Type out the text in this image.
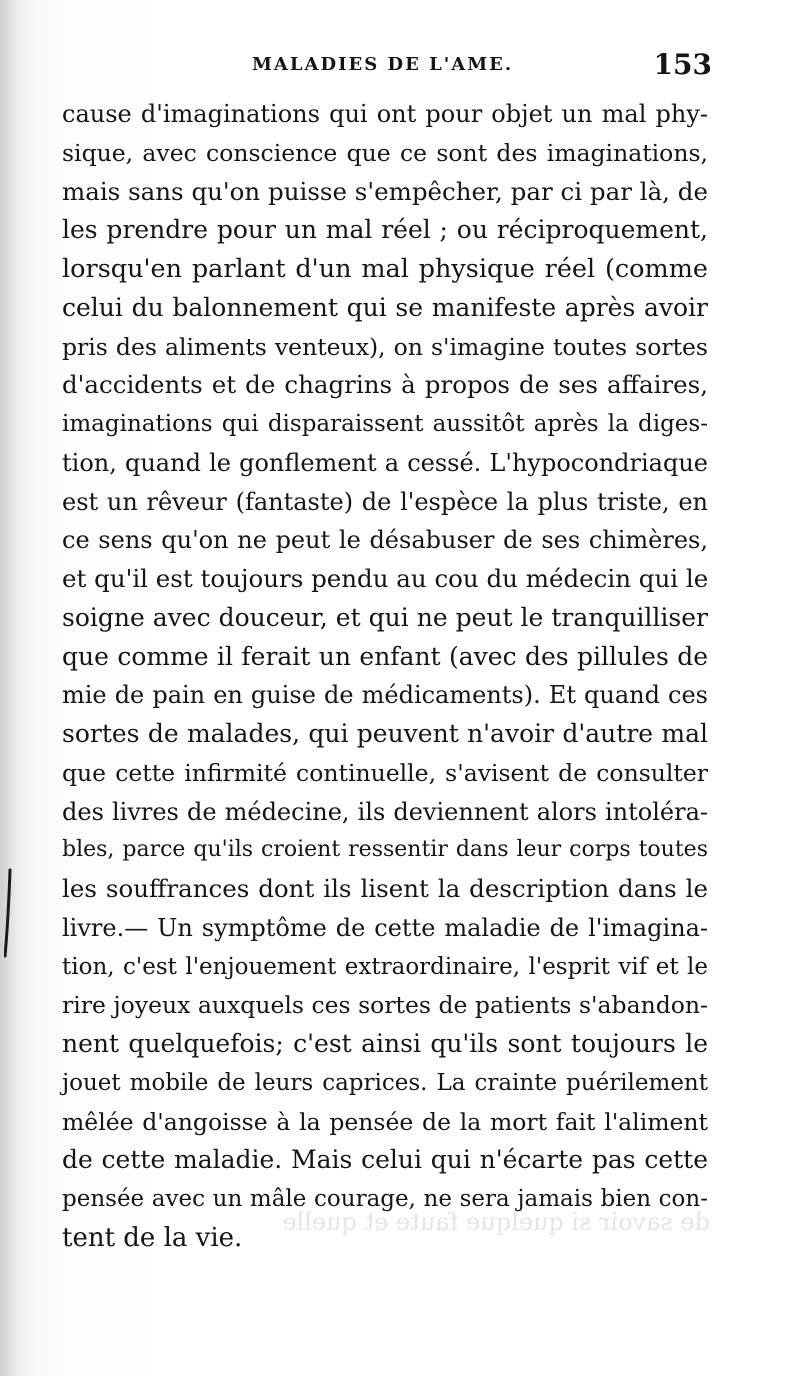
MALADIES DE L'AME.	153
cause d'imaginations qui ont pour objet un mal phy-
sique, avec conscience que ce sont des imaginations,
mais sans qu'on puisse s'empêcher, par ci par là, de
les prendre pour un mal réel ; ou réciproquement,
lorsqu'en parlant d'un mal physique réel (comme
celui du balonnement qui se manifeste après avoir
pris des aliments venteux), on s'imagine toutes sortes
d'accidents et de chagrins à propos de ses affaires,
imaginations qui disparaissent aussitôt après la diges-
tion, quand le gonflement a cessé. L'hypocondriaque
est un rêveur (fantaste) de l'espèce la plus triste, en
ce sens qu'on ne peut le désabuser de ses chimères,
et qu'il est toujours pendu au cou du médecin qui le
soigne avec douceur, et qui ne peut le tranquilliser
que comme il ferait un enfant (avec des pillules de
mie de pain en guise de médicaments). Et quand ces
sortes de malades, qui peuvent n'avoir d'autre mal
que cette infirmité continuelle, s'avisent de consulter
des livres de médecine, ils deviennent alors intoléra-
bles, parce qu'ils croient ressentir dans leur corps toutes
les souffrances dont ils lisent la description dans le
livre.— Un symptôme de cette maladie de l'imagina-
tion, c'est l'enjouement extraordinaire, l'esprit vif et le
rire joyeux auxquels ces sortes de patients s'abandon-
nent quelquefois; c'est ainsi qu'ils sont toujours le
jouet mobile de leurs caprices. La crainte puérilement
mêlée d'angoisse à la pensée de la mort fait l'aliment
de cette maladie. Mais celui qui n'écarte pas cette
pensée avec un mâle courage, ne sera jamais bien con-
tent de la vie.
de savoir si quelque faute et quelle
